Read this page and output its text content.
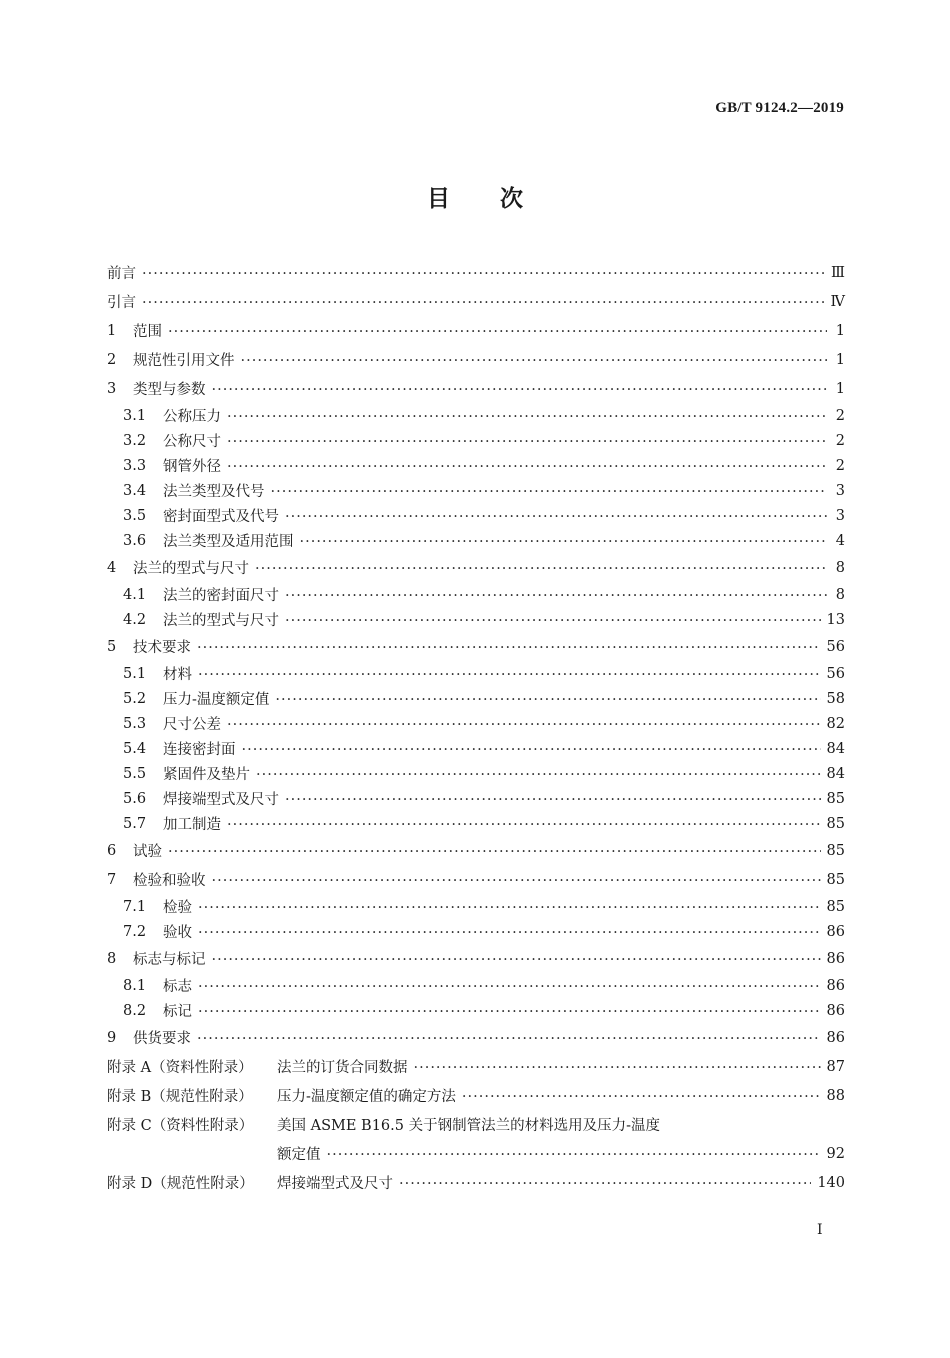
GB/T 9124.2—2019
目 次
前言 ·····	Ⅲ
引言 ·····	Ⅳ
1	范围 ·····	1
2	规范性引用文件 ·····	1
3	类型与参数 ·····	1
3.1	公称压力 ·····	2
3.2	公称尺寸 ·····	2
3.3	钢管外径 ·····	2
3.4	法兰类型及代号 ·····	3
3.5	密封面型式及代号 ·····	3
3.6	法兰类型及适用范围 ·····	4
4	法兰的型式与尺寸 ·····	8
4.1	法兰的密封面尺寸 ·····	8
4.2	法兰的型式与尺寸 ·····	13
5	技术要求 ·····	56
5.1	材料 ·····	56
5.2	压力-温度额定值 ·····	58
5.3	尺寸公差 ·····	82
5.4	连接密封面 ·····	84
5.5	紧固件及垫片 ·····	84
5.6	焊接端型式及尺寸 ·····	85
5.7	加工制造 ·····	85
6	试验 ·····	85
7	检验和验收 ·····	85
7.1	检验 ·····	85
7.2	验收 ·····	86
8	标志与标记 ·····	86
8.1	标志 ·····	86
8.2	标记 ·····	86
9	供货要求 ·····	86
附录 A（资料性附录）	法兰的订货合同数据 ·····	87
附录 B（规范性附录）	压力-温度额定值的确定方法 ·····	88
附录 C（资料性附录）	美国 ASME B16.5 关于钢制管法兰的材料选用及压力-温度
额定值 ·····	92
附录 D（规范性附录）	焊接端型式及尺寸 ·····	140
I
